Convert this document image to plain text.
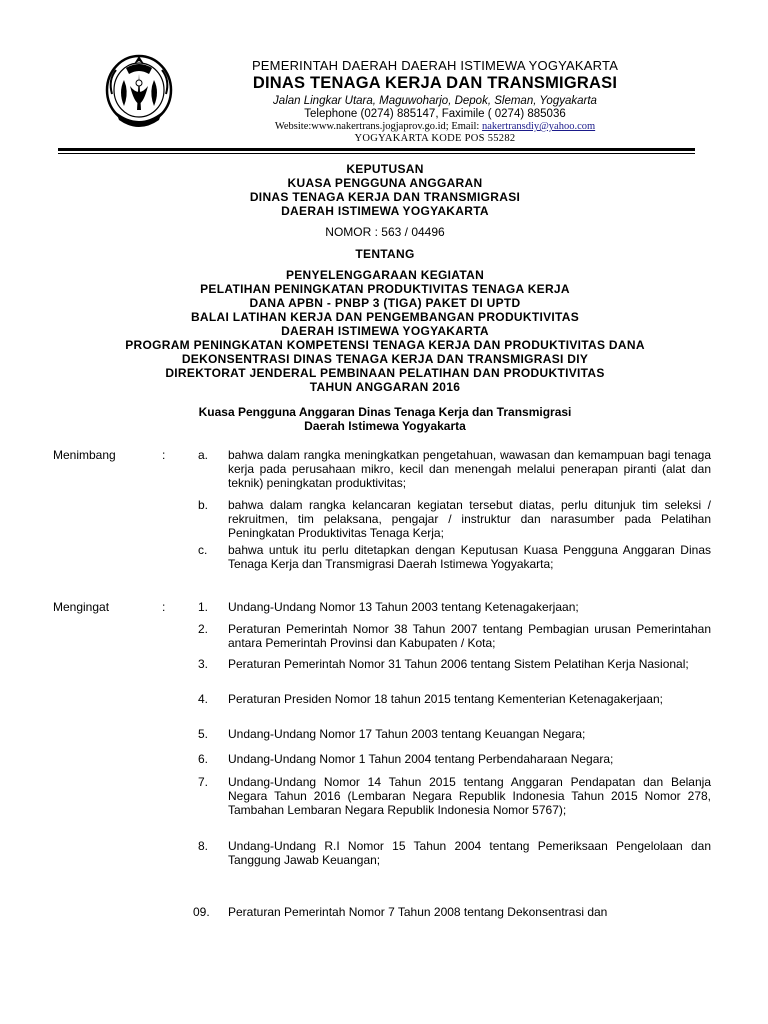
PEMERINTAH DAERAH DAERAH ISTIMEWA YOGYAKARTA
DINAS TENAGA KERJA DAN TRANSMIGRASI
Jalan Lingkar Utara, Maguwoharjo, Depok, Sleman, Yogyakarta
Telephone (0274) 885147, Faximile ( 0274) 885036
Website:www.nakertrans.jogjaprov.go.id; Email: nakertransdiy@yahoo.com
YOGYAKARTA KODE POS 55282
KEPUTUSAN
KUASA PENGGUNA ANGGARAN
DINAS TENAGA KERJA DAN TRANSMIGRASI
DAERAH ISTIMEWA YOGYAKARTA
NOMOR : 563 / 04496
TENTANG
PENYELENGGARAAN KEGIATAN
PELATIHAN PENINGKATAN PRODUKTIVITAS TENAGA KERJA
DANA APBN - PNBP 3 (TIGA) PAKET DI UPTD
BALAI LATIHAN KERJA DAN PENGEMBANGAN PRODUKTIVITAS
DAERAH ISTIMEWA YOGYAKARTA
PROGRAM PENINGKATAN KOMPETENSI TENAGA KERJA DAN PRODUKTIVITAS DANA
DEKONSENTRASI DINAS TENAGA KERJA DAN TRANSMIGRASI DIY
DIREKTORAT JENDERAL PEMBINAAN PELATIHAN DAN PRODUKTIVITAS
TAHUN ANGGARAN 2016
Kuasa Pengguna Anggaran Dinas Tenaga Kerja dan Transmigrasi
Daerah Istimewa Yogyakarta
Menimbang	:	a.	bahwa dalam rangka meningkatkan pengetahuan, wawasan dan kemampuan bagi tenaga kerja pada perusahaan mikro, kecil dan menengah melalui penerapan piranti (alat dan teknik) peningkatan produktivitas;
b.	bahwa dalam rangka kelancaran kegiatan tersebut diatas, perlu ditunjuk tim seleksi / rekruitmen, tim pelaksana, pengajar / instruktur dan narasumber pada Pelatihan Peningkatan Produktivitas Tenaga Kerja;
c.	bahwa untuk itu perlu ditetapkan dengan Keputusan Kuasa Pengguna Anggaran Dinas Tenaga Kerja dan Transmigrasi Daerah Istimewa Yogyakarta;
Mengingat	:	1.	Undang-Undang Nomor 13 Tahun 2003 tentang Ketenagakerjaan;
2.	Peraturan Pemerintah Nomor 38 Tahun 2007 tentang Pembagian urusan Pemerintahan antara Pemerintah Provinsi dan Kabupaten / Kota;
3.	Peraturan Pemerintah Nomor 31 Tahun 2006 tentang Sistem Pelatihan Kerja Nasional;
4.	Peraturan Presiden Nomor 18 tahun 2015 tentang Kementerian Ketenagakerjaan;
5.	Undang-Undang Nomor 17 Tahun 2003 tentang Keuangan Negara;
6.	Undang-Undang Nomor 1 Tahun 2004 tentang Perbendaharaan Negara;
7.	Undang-Undang Nomor 14 Tahun 2015 tentang Anggaran Pendapatan dan Belanja Negara Tahun 2016 (Lembaran Negara Republik Indonesia Tahun 2015 Nomor 278, Tambahan Lembaran Negara Republik Indonesia Nomor 5767);
8.	Undang-Undang R.I Nomor 15 Tahun 2004 tentang Pemeriksaan Pengelolaan dan Tanggung Jawab Keuangan;
09. Peraturan Pemerintah Nomor 7 Tahun 2008 tentang Dekonsentrasi dan
